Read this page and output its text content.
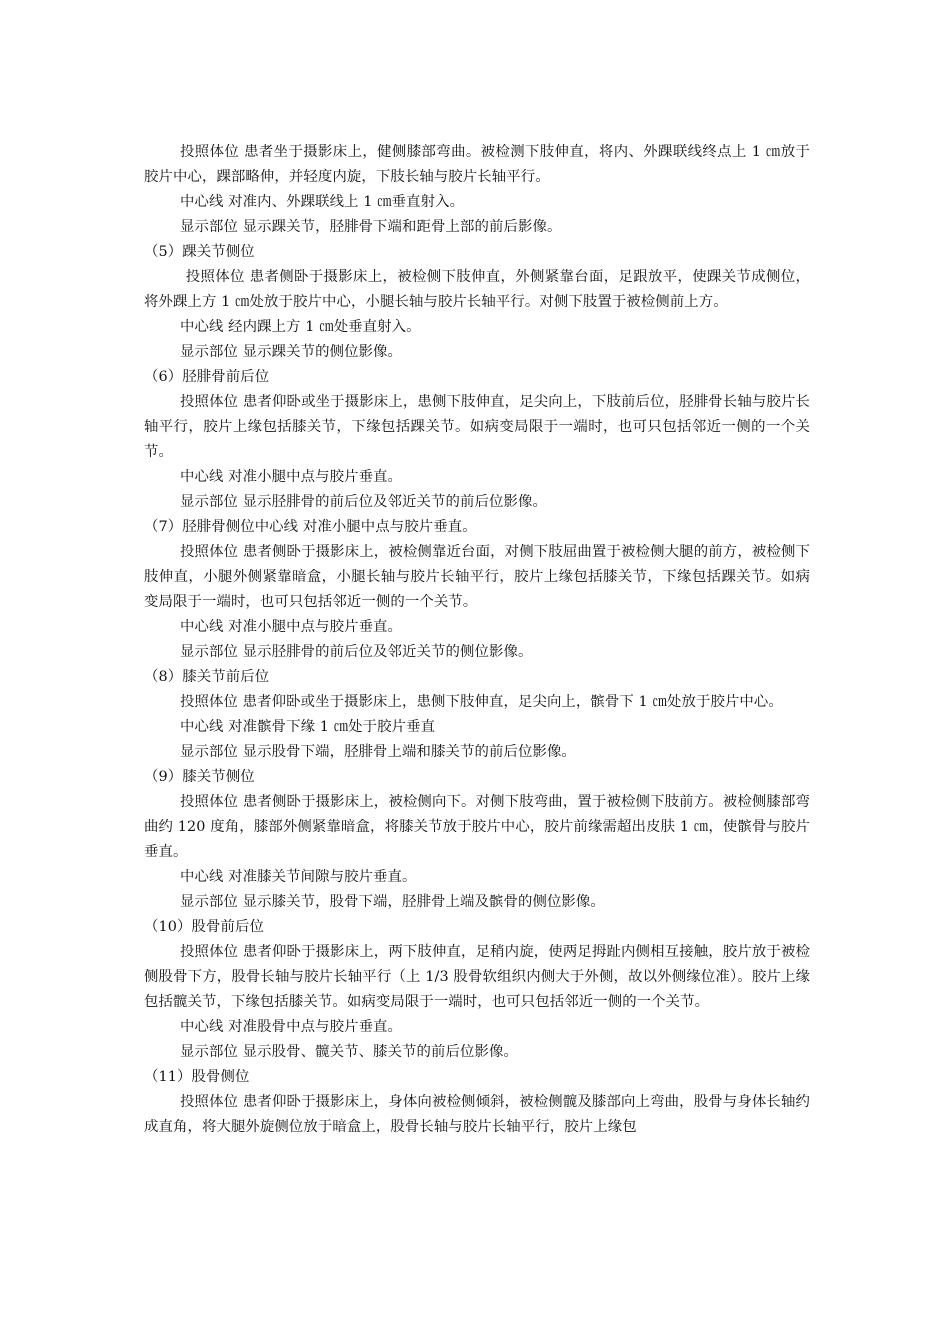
投照体位 患者坐于摄影床上，健侧膝部弯曲。被检测下肢伸直，将内、外踝联线终点上 1 ㎝放于胶片中心，踝部略伸，并轻度内旋，下肢长轴与胶片长轴平行。

中心线 对准内、外踝联线上 1 ㎝垂直射入。

显示部位 显示踝关节，胫腓骨下端和距骨上部的前后影像。

（5）踝关节侧位

投照体位 患者侧卧于摄影床上，被检侧下肢伸直，外侧紧靠台面，足跟放平，使踝关节成侧位，将外踝上方 1 ㎝处放于胶片中心，小腿长轴与胶片长轴平行。对侧下肢置于被检侧前上方。

中心线 经内踝上方 1 ㎝处垂直射入。

显示部位 显示踝关节的侧位影像。

（6）胫腓骨前后位

投照体位 患者仰卧或坐于摄影床上，患侧下肢伸直，足尖向上，下肢前后位，胫腓骨长轴与胶片长轴平行，胶片上缘包括膝关节，下缘包括踝关节。如病变局限于一端时，也可只包括邻近一侧的一个关节。

中心线 对准小腿中点与胶片垂直。

显示部位 显示胫腓骨的前后位及邻近关节的前后位影像。

（7）胫腓骨侧位中心线 对准小腿中点与胶片垂直。

投照体位 患者侧卧于摄影床上，被检侧靠近台面，对侧下肢屈曲置于被检侧大腿的前方，被检侧下肢伸直，小腿外侧紧靠暗盒，小腿长轴与胶片长轴平行，胶片上缘包括膝关节，下缘包括踝关节。如病变局限于一端时，也可只包括邻近一侧的一个关节。

中心线 对准小腿中点与胶片垂直。

显示部位 显示胫腓骨的前后位及邻近关节的侧位影像。

（8）膝关节前后位

投照体位 患者仰卧或坐于摄影床上，患侧下肢伸直，足尖向上，髌骨下 1 ㎝处放于胶片中心。

中心线 对准髌骨下缘 1 ㎝处于胶片垂直

显示部位 显示股骨下端，胫腓骨上端和膝关节的前后位影像。

（9）膝关节侧位

投照体位 患者侧卧于摄影床上，被检侧向下。对侧下肢弯曲，置于被检侧下肢前方。被检侧膝部弯曲约 120 度角，膝部外侧紧靠暗盒，将膝关节放于胶片中心，胶片前缘需超出皮肤 1 ㎝，使髌骨与胶片垂直。

中心线 对准膝关节间隙与胶片垂直。

显示部位 显示膝关节，股骨下端，胫腓骨上端及髌骨的侧位影像。

（10）股骨前后位

投照体位 患者仰卧于摄影床上，两下肢伸直，足稍内旋，使两足拇趾内侧相互接触，胶片放于被检侧股骨下方，股骨长轴与胶片长轴平行（上 1/3 股骨软组织内侧大于外侧，故以外侧缘位准）。胶片上缘包括髋关节，下缘包括膝关节。如病变局限于一端时，也可只包括邻近一侧的一个关节。

中心线 对准股骨中点与胶片垂直。

显示部位 显示股骨、髋关节、膝关节的前后位影像。

（11）股骨侧位

投照体位 患者仰卧于摄影床上，身体向被检侧倾斜，被检侧髋及膝部向上弯曲，股骨与身体长轴约成直角，将大腿外旋侧位放于暗盒上，股骨长轴与胶片长轴平行，胶片上缘包
